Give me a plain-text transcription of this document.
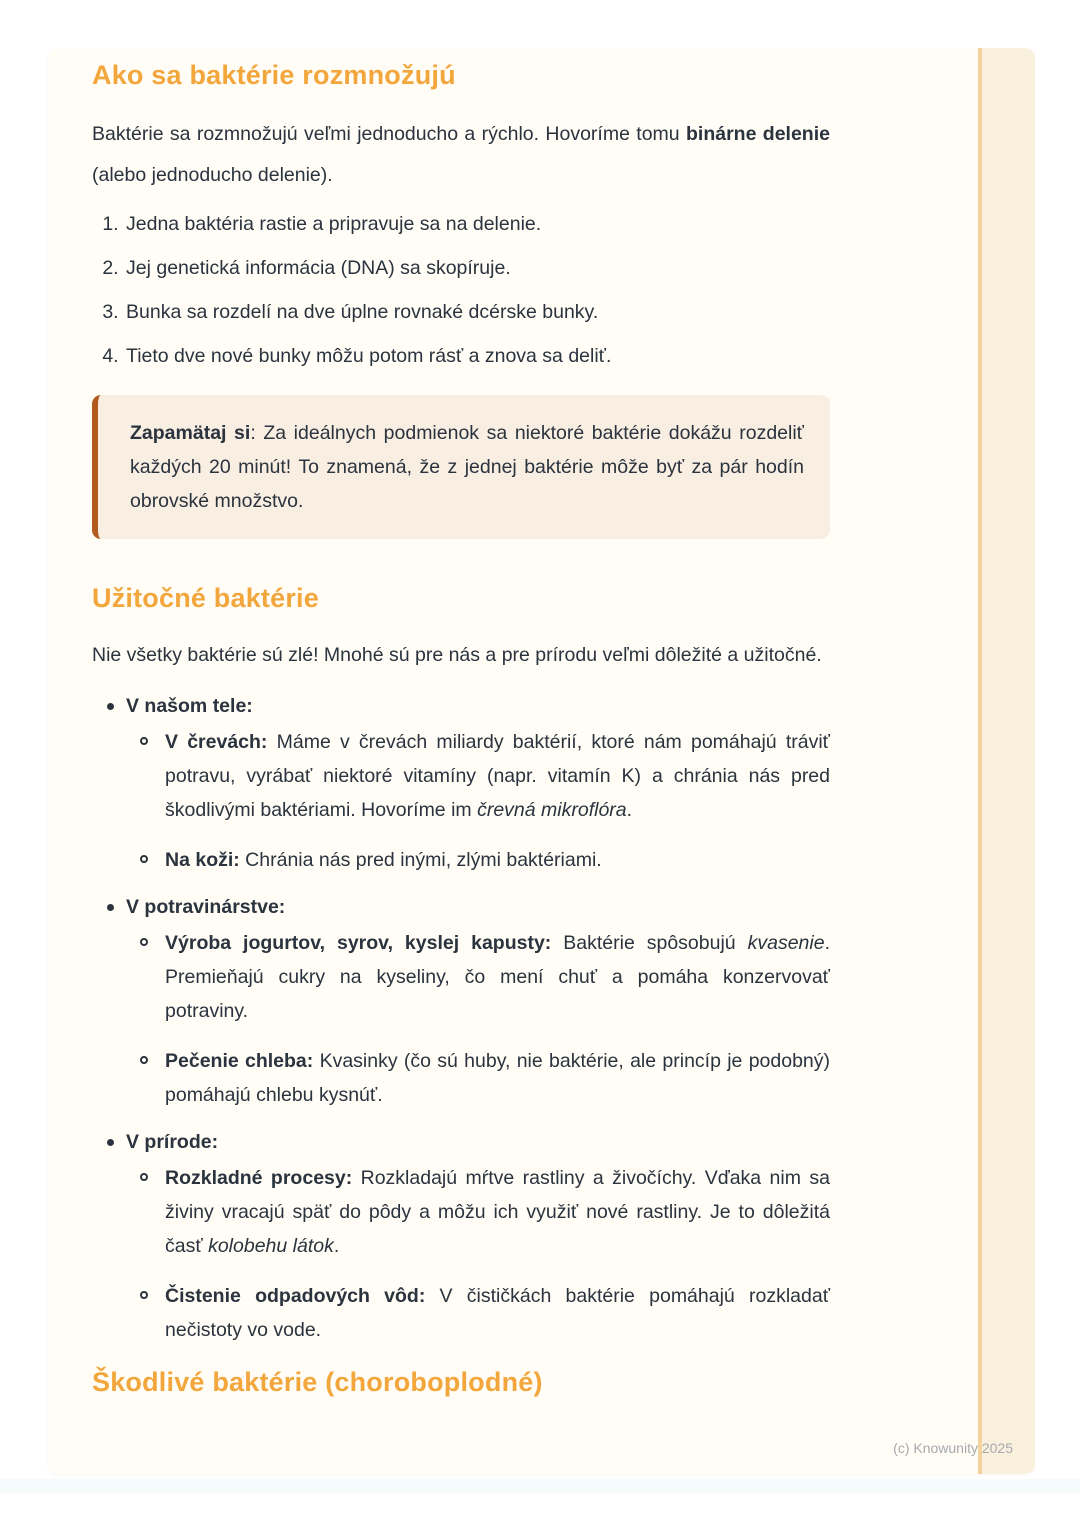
Ako sa baktérie rozmnožujú

Baktérie sa rozmnožujú veľmi jednoducho a rýchlo. Hovoríme tomu binárne delenie (alebo jednoducho delenie).

1. Jedna baktéria rastie a pripravuje sa na delenie.
2. Jej genetická informácia (DNA) sa skopíruje.
3. Bunka sa rozdelí na dve úplne rovnaké dcérske bunky.
4. Tieto dve nové bunky môžu potom rásť a znova sa deliť.
Zapamätaj si: Za ideálnych podmienok sa niektoré baktérie dokážu rozdeliť každých 20 minút! To znamená, že z jednej baktérie môže byť za pár hodín obrovské množstvo.
Užitočné baktérie

Nie všetky baktérie sú zlé! Mnohé sú pre nás a pre prírodu veľmi dôležité a užitočné.

V našom tele:
V črevách: Máme v črevách miliardy baktérií, ktoré nám pomáhajú tráviť potravu, vyrábať niektoré vitamíny (napr. vitamín K) a chránia nás pred škodlivými baktériami. Hovoríme im črevná mikroflóra.
Na koži: Chránia nás pred inými, zlými baktériami.
V potravinárstve:
Výroba jogurtov, syrov, kyslej kapusty: Baktérie spôsobujú kvasenie. Premieňajú cukry na kyseliny, čo mení chuť a pomáha konzervovať potraviny.
Pečenie chleba: Kvasinky (čo sú huby, nie baktérie, ale princíp je podobný) pomáhajú chlebu kysnúť.
V prírode:
Rozkladné procesy: Rozkladajú mŕtve rastliny a živočíchy. Vďaka nim sa živiny vracajú späť do pôdy a môžu ich využiť nové rastliny. Je to dôležitá časť kolobehu látok.
Čistenie odpadových vôd: V čističkách baktérie pomáhajú rozkladať nečistoty vo vode.
Škodlivé baktérie (choroboplodné)
(c) Knowunity 2025
